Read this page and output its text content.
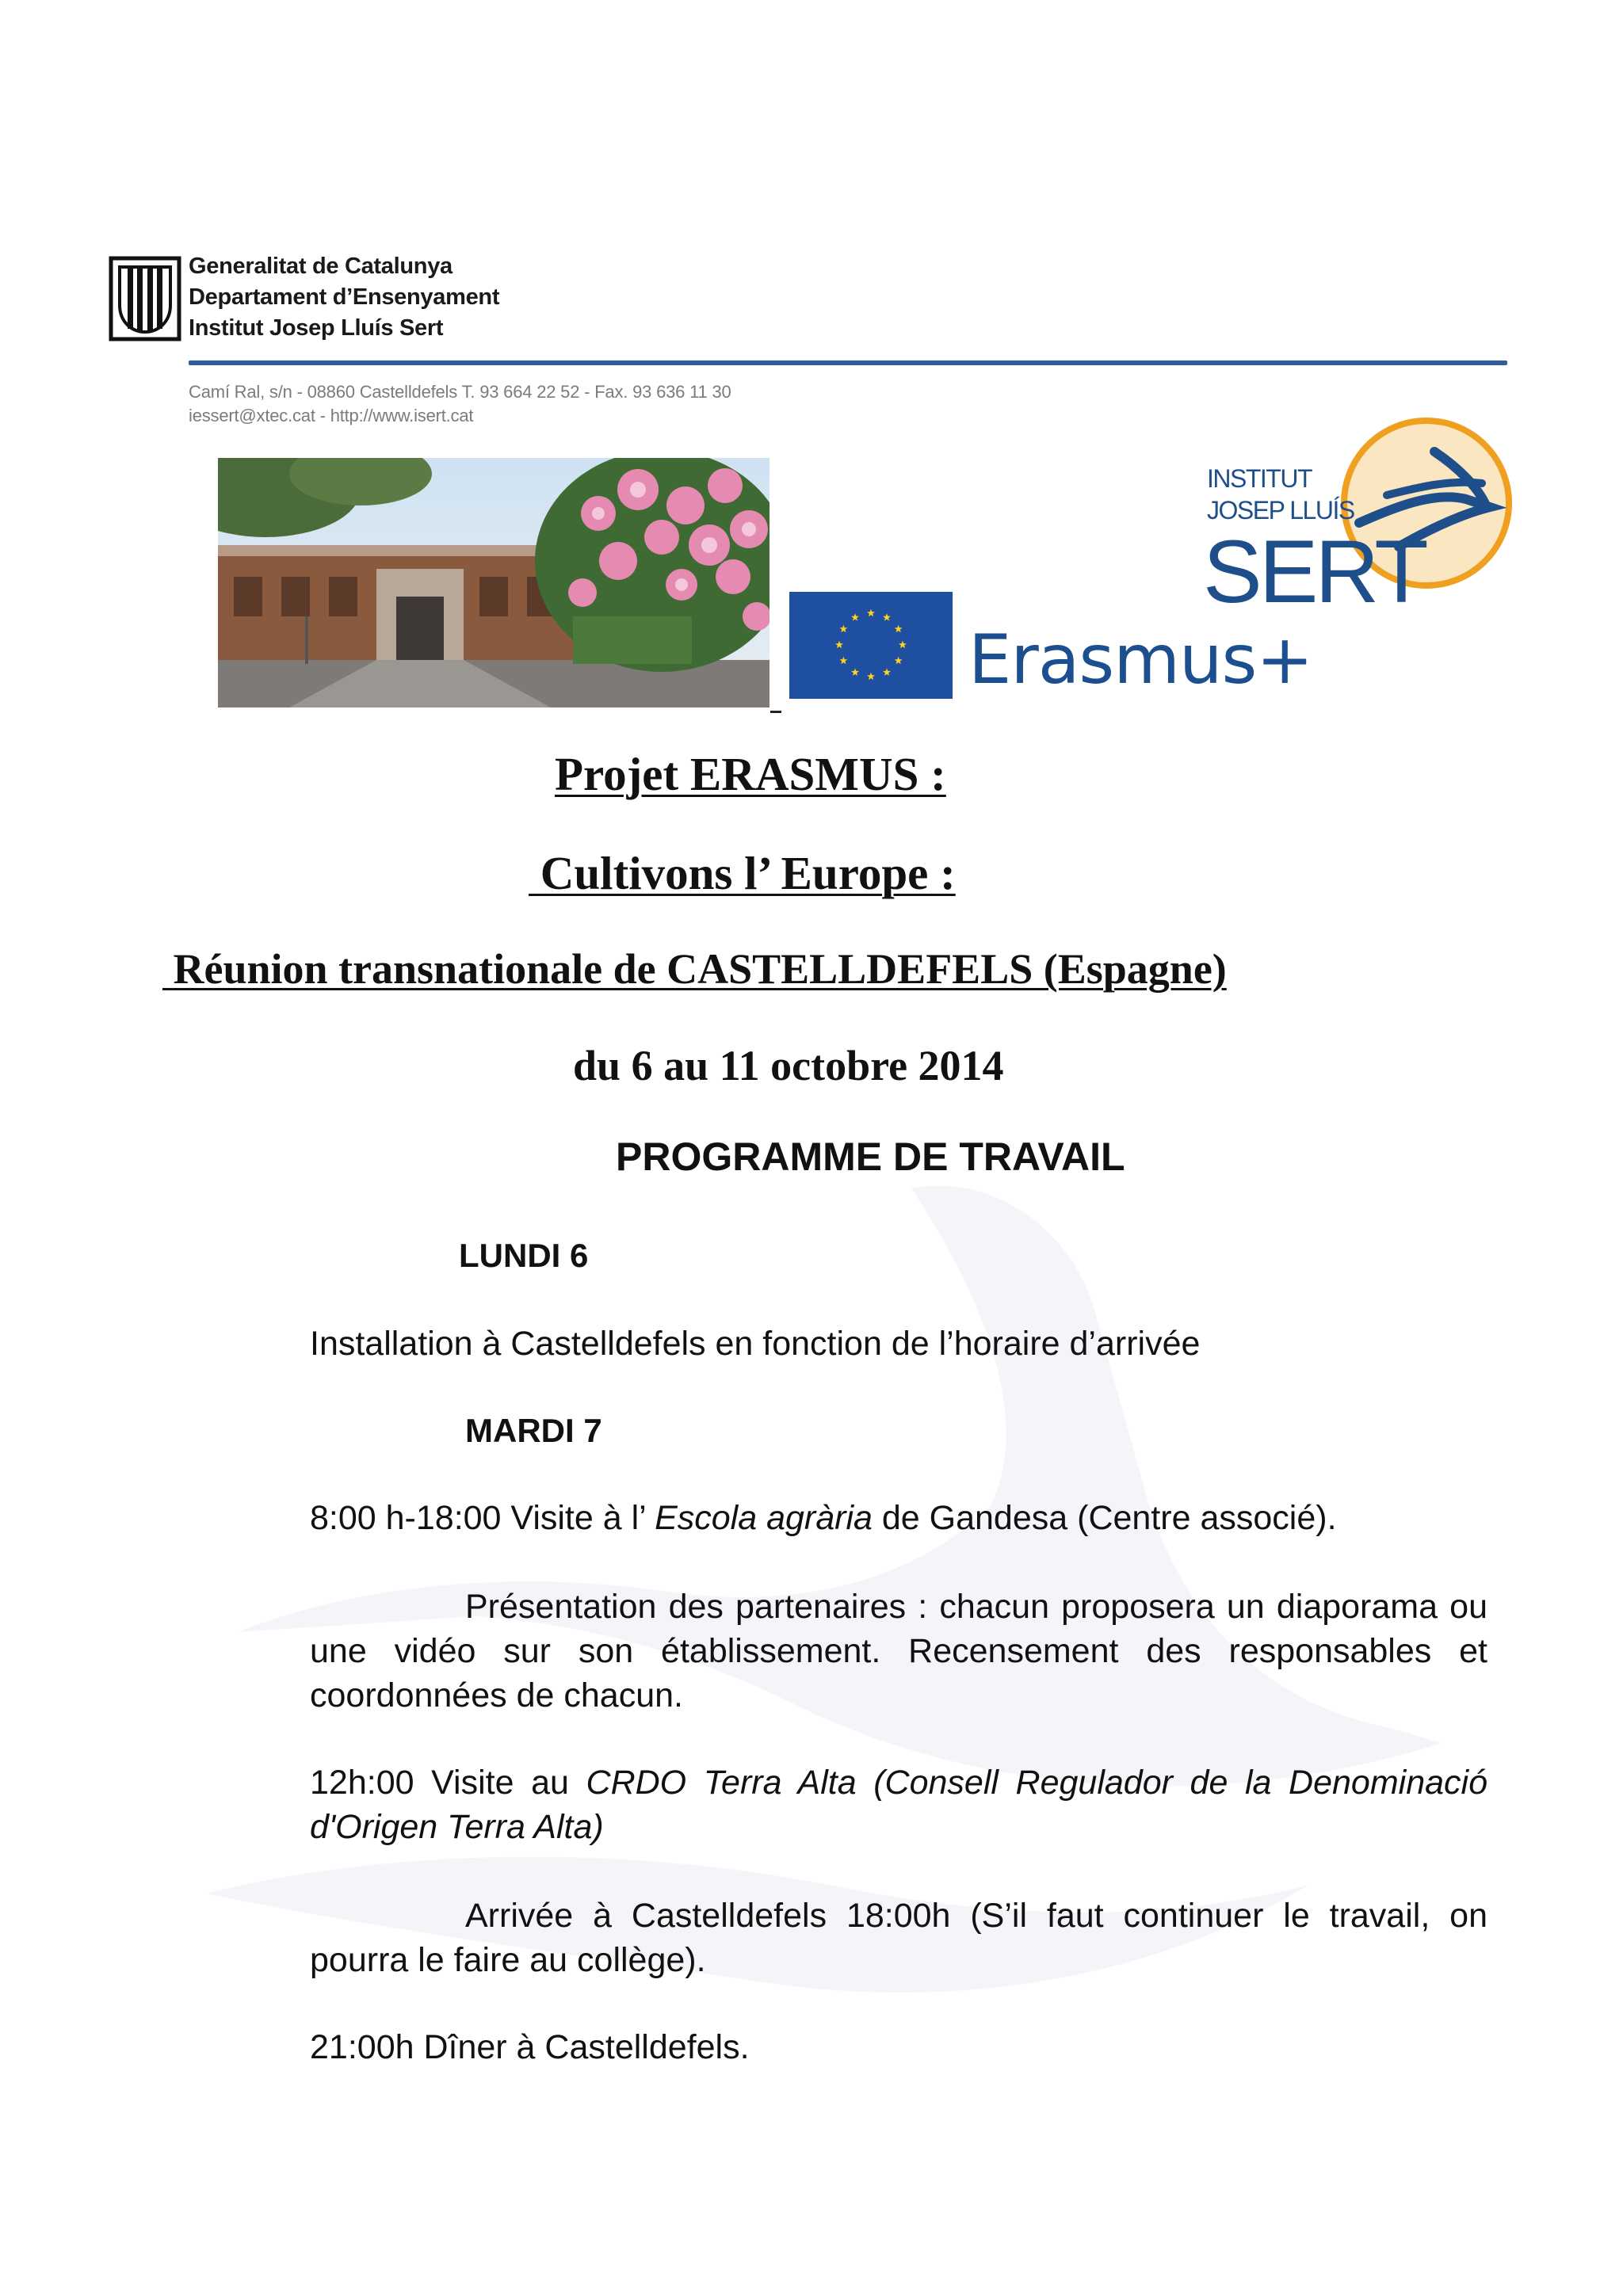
Generalitat de Catalunya
Departament d’Ensenyament
Institut Josep Lluís Sert
Camí Ral, s/n - 08860 Castelldefels T. 93 664 22 52 - Fax. 93 636 11 30
iessert@xtec.cat - http://www.isert.cat
Erasmus+
INSTITUT
JOSEP LLUÍS
SERT
Projet ERASMUS :
Cultivons l’ Europe :
Réunion transnationale de CASTELLDEFELS (Espagne)
du 6 au 11 octobre 2014
PROGRAMME DE TRAVAIL
LUNDI 6
Installation à Castelldefels en fonction de l’horaire d’arrivée
MARDI 7
8:00 h-18:00 Visite à l’ Escola agrària de Gandesa (Centre associé).
Présentation des partenaires : chacun proposera un diaporama ou une vidéo sur son établissement. Recensement des responsables et coordonnées de chacun.
12h:00 Visite au CRDO Terra Alta (Consell Regulador de la Denominació d'Origen Terra Alta)
Arrivée à Castelldefels 18:00h (S’il faut continuer le travail, on pourra le faire au collège).
21:00h Dîner à Castelldefels.
